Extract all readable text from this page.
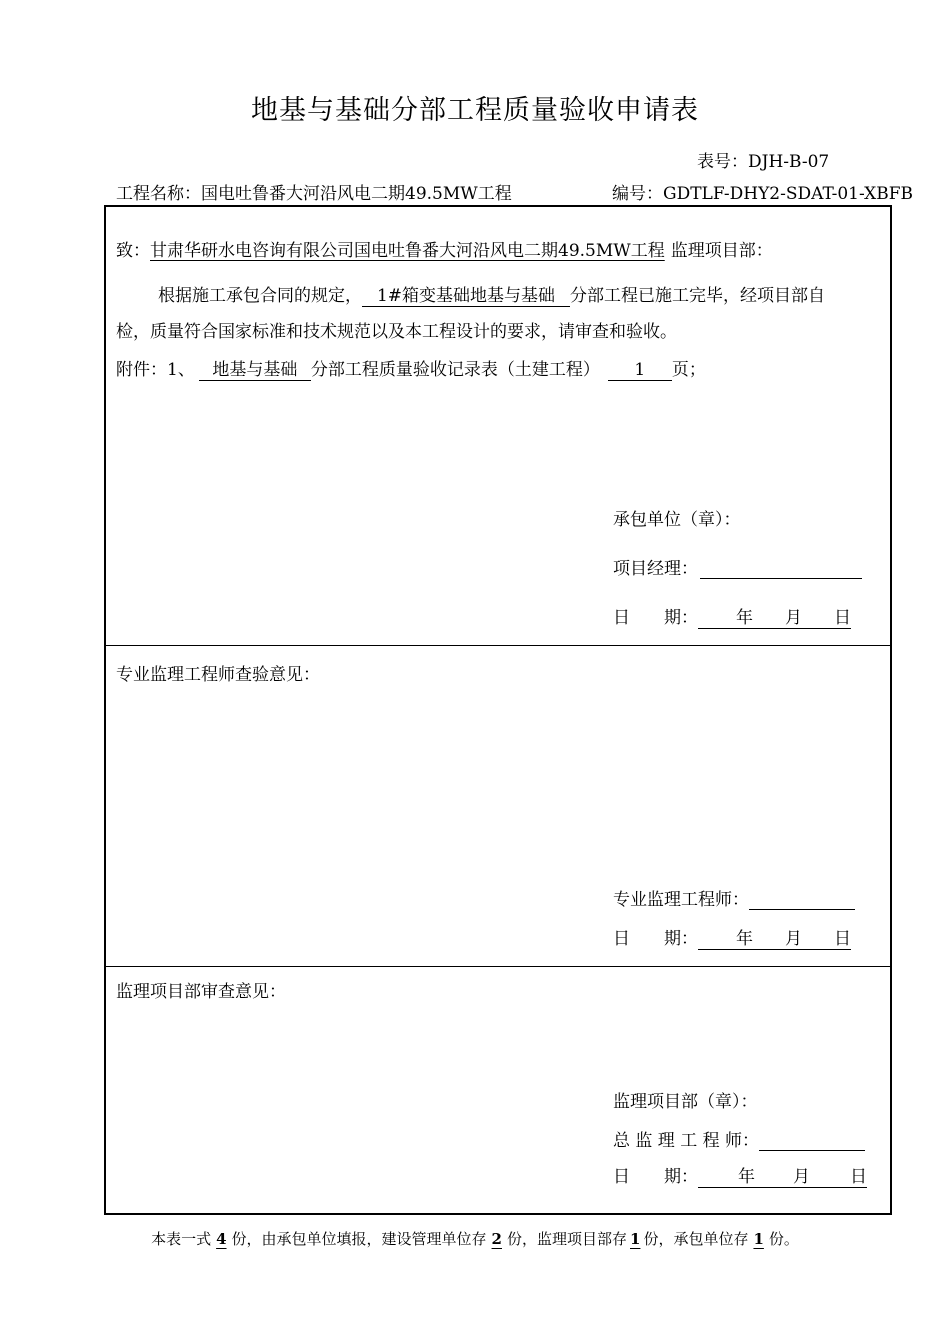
地基与基础分部工程质量验收申请表
表号：DJH-B-07
工程名称：国电吐鲁番大河沿风电二期49.5MW工程	编号：GDTLF-DHY2-SDAT-01-XBFB
致：甘肃华研水电咨询有限公司国电吐鲁番大河沿风电二期49.5MW工程 监理项目部：
根据施工承包合同的规定， 1#箱变基础地基与基础 分部工程已施工完毕，经项目部自
检，质量符合国家标准和技术规范以及本工程设计的要求，请审查和验收。
附件：1、 地基与基础 分部工程质量验收记录表（土建工程） 1 页；
承包单位（章）：
项目经理：
日　　期： 年 月 日
专业监理工程师查验意见：
专业监理工程师：
日　　期： 年 月 日
监理项目部审查意见：
监理项目部（章）：
总 监 理 工 程 师：
日　　期： 年 月 日
本表一式 4 份，由承包单位填报，建设管理单位存 2 份，监理项目部存 1 份，承包单位存 1 份。
